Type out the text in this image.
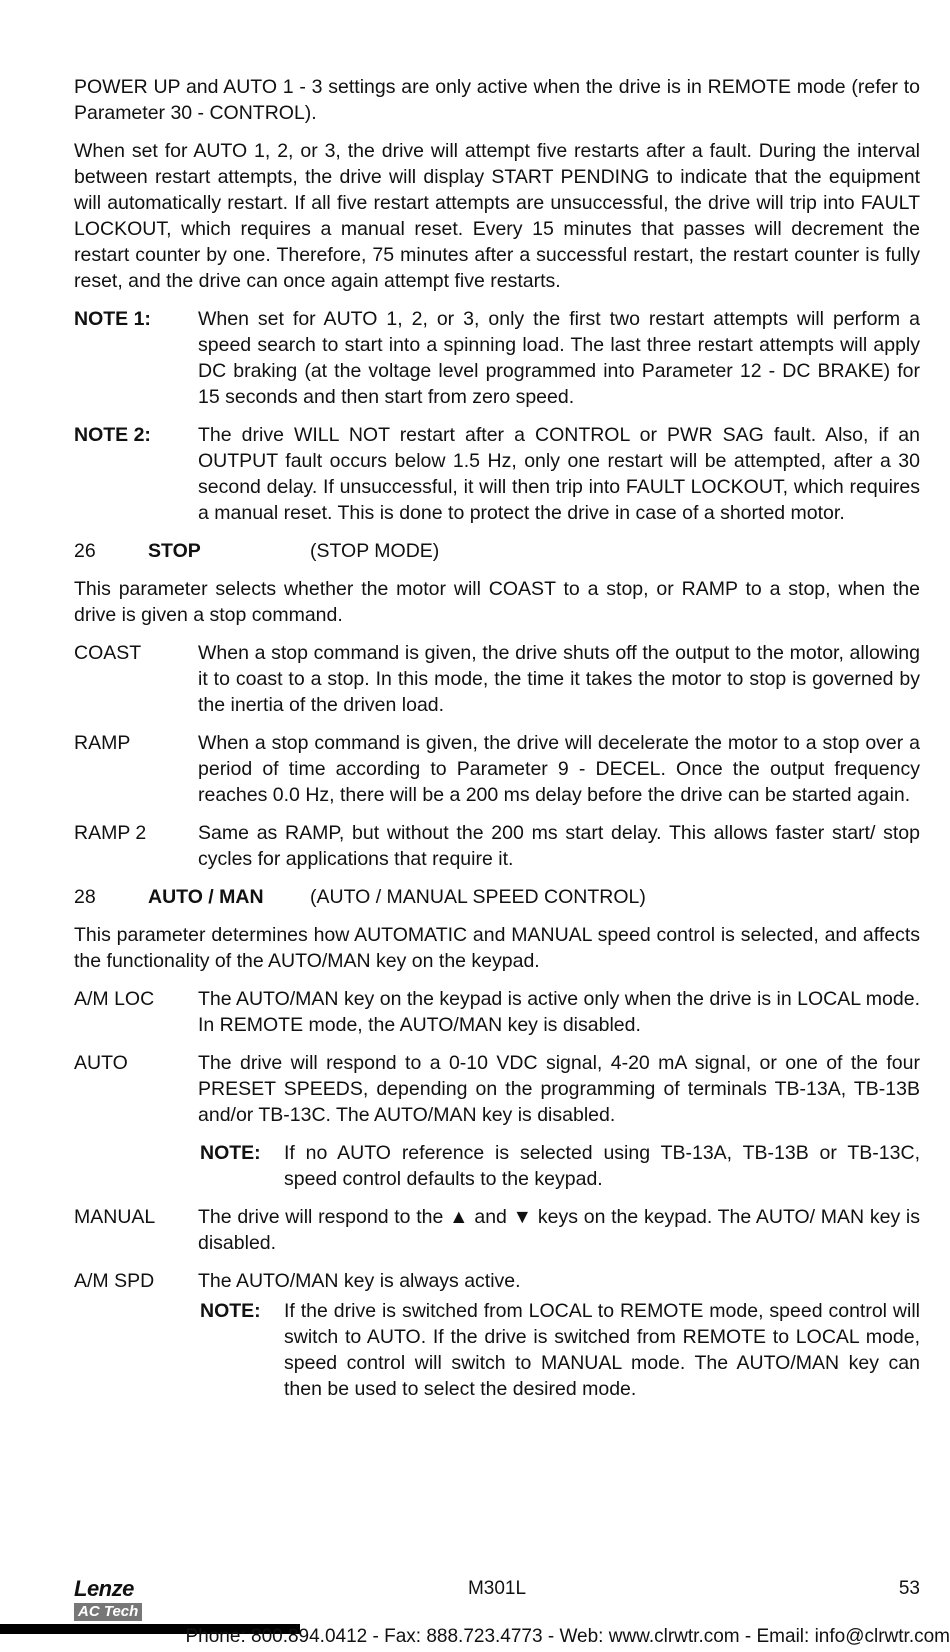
POWER UP and AUTO 1 - 3 settings are only active when the drive is in REMOTE mode (refer to Parameter 30 - CONTROL).

When set for AUTO 1, 2, or 3, the drive will attempt five restarts after a fault. During the interval between restart attempts, the drive will display START PENDING to indicate that the equipment will automatically restart. If all five restart attempts are unsuccessful, the drive will trip into FAULT LOCKOUT, which requires a manual reset. Every 15 minutes that passes will decrement the restart counter by one. Therefore, 75 minutes after a successful restart, the restart counter is fully reset, and the drive can once again attempt five restarts.

NOTE 1:	When set for AUTO 1, 2, or 3, only the first two restart attempts will perform a speed search to start into a spinning load. The last three restart attempts will apply DC braking (at the voltage level programmed into Parameter 12 - DC BRAKE) for 15 seconds and then start from zero speed.
NOTE 2:	The drive WILL NOT restart after a CONTROL or PWR SAG fault. Also, if an OUTPUT fault occurs below 1.5 Hz, only one restart will be attempted, after a 30 second delay. If unsuccessful, it will then trip into FAULT LOCKOUT, which requires a manual reset. This is done to protect the drive in case of a shorted motor.
26	STOP	(STOP MODE)

This parameter selects whether the motor will COAST to a stop, or RAMP to a stop, when the drive is given a stop command.

COAST	When a stop command is given, the drive shuts off the output to the motor, allowing it to coast to a stop. In this mode, the time it takes the motor to stop is governed by the inertia of the driven load.
RAMP	When a stop command is given, the drive will decelerate the motor to a stop over a period of time according to Parameter 9 - DECEL. Once the output frequency reaches 0.0 Hz, there will be a 200 ms delay before the drive can be started again.
RAMP 2	Same as RAMP, but without the 200 ms start delay. This allows faster start/ stop cycles for applications that require it.
28	AUTO / MAN	(AUTO / MANUAL SPEED CONTROL)

This parameter determines how AUTOMATIC and MANUAL speed control is selected, and affects the functionality of the AUTO/MAN key on the keypad.

A/M LOC	The AUTO/MAN key on the keypad is active only when the drive is in LOCAL mode. In REMOTE mode, the AUTO/MAN key is disabled.
AUTO	The drive will respond to a 0-10 VDC signal, 4-20 mA signal, or one of the four PRESET SPEEDS, depending on the programming of terminals TB-13A, TB-13B and/or TB-13C. The AUTO/MAN key is disabled.
NOTE:	If no AUTO reference is selected using TB-13A, TB-13B or TB-13C, speed control defaults to the keypad.
MANUAL	The drive will respond to the ▲ and ▼ keys on the keypad. The AUTO/ MAN key is disabled.
A/M SPD	The AUTO/MAN key is always active.
NOTE:	If the drive is switched from LOCAL to REMOTE mode, speed control will switch to AUTO. If the drive is switched from REMOTE to LOCAL mode, speed control will switch to MANUAL mode. The AUTO/MAN key can then be used to select the desired mode.
Lenze
AC Tech
M301L	53
Phone: 800.894.0412 - Fax: 888.723.4773 - Web: www.clrwtr.com - Email: info@clrwtr.com
